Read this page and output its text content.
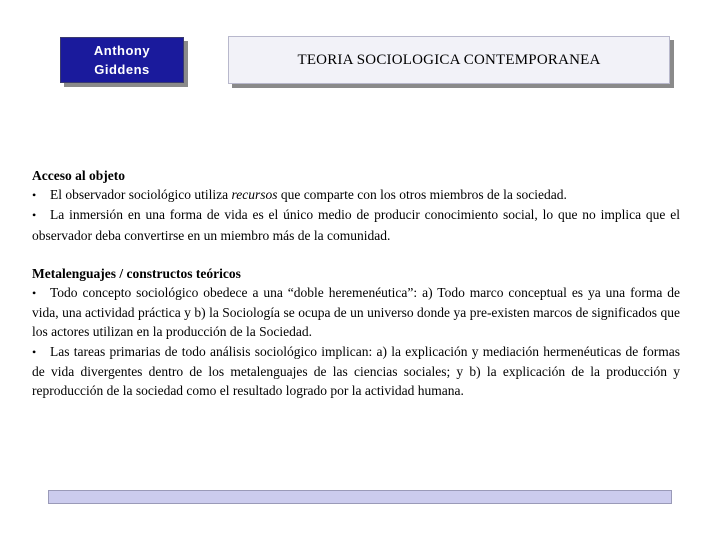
Anthony
Giddens
TEORIA SOCIOLOGICA CONTEMPORANEA

Acceso al objeto

• El observador sociológico utiliza recursos que comparte con los otros miembros de la sociedad.

• La inmersión en una forma de vida es el único medio de producir conocimiento social, lo que no implica que el observador deba convertirse en un miembro más de la comunidad.

Metalenguajes / constructos teóricos

• Todo concepto sociológico obedece a una “doble heremenéutica”: a) Todo marco conceptual es ya una forma de vida, una actividad práctica y b) la Sociología se ocupa de un universo donde ya pre-existen marcos de significados que los actores utilizan en la producción de la Sociedad.

• Las tareas primarias de todo análisis sociológico implican: a) la explicación y mediación hermenéuticas de formas de vida divergentes dentro de los metalenguajes de las ciencias sociales; y b) la explicación de la producción y reproducción de la sociedad como el resultado logrado por la actividad humana.
